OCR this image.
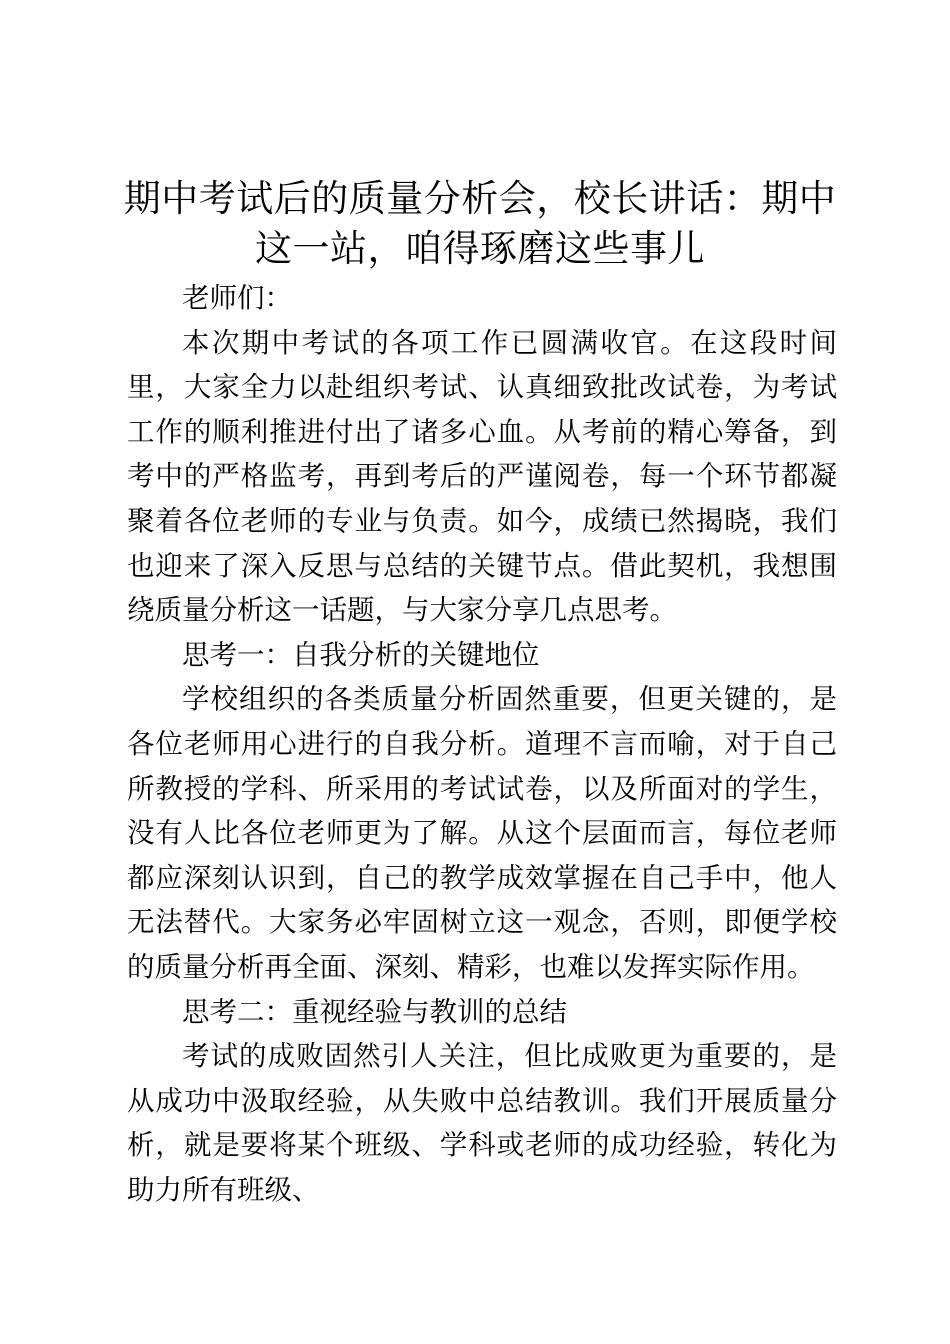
期中考试后的质量分析会，校长讲话：期中这一站，咱得琢磨这些事儿

老师们：

本次期中考试的各项工作已圆满收官。在这段时间里，大家全力以赴组织考试、认真细致批改试卷，为考试工作的顺利推进付出了诸多心血。从考前的精心筹备，到考中的严格监考，再到考后的严谨阅卷，每一个环节都凝聚着各位老师的专业与负责。如今，成绩已然揭晓，我们也迎来了深入反思与总结的关键节点。借此契机，我想围绕质量分析这一话题，与大家分享几点思考。

思考一：自我分析的关键地位

学校组织的各类质量分析固然重要，但更关键的，是各位老师用心进行的自我分析。道理不言而喻，对于自己所教授的学科、所采用的考试试卷，以及所面对的学生，没有人比各位老师更为了解。从这个层面而言，每位老师都应深刻认识到，自己的教学成效掌握在自己手中，他人无法替代。大家务必牢固树立这一观念，否则，即便学校的质量分析再全面、深刻、精彩，也难以发挥实际作用。

思考二：重视经验与教训的总结

考试的成败固然引人关注，但比成败更为重要的，是从成功中汲取经验，从失败中总结教训。我们开展质量分析，就是要将某个班级、学科或老师的成功经验，转化为助力所有班级、
